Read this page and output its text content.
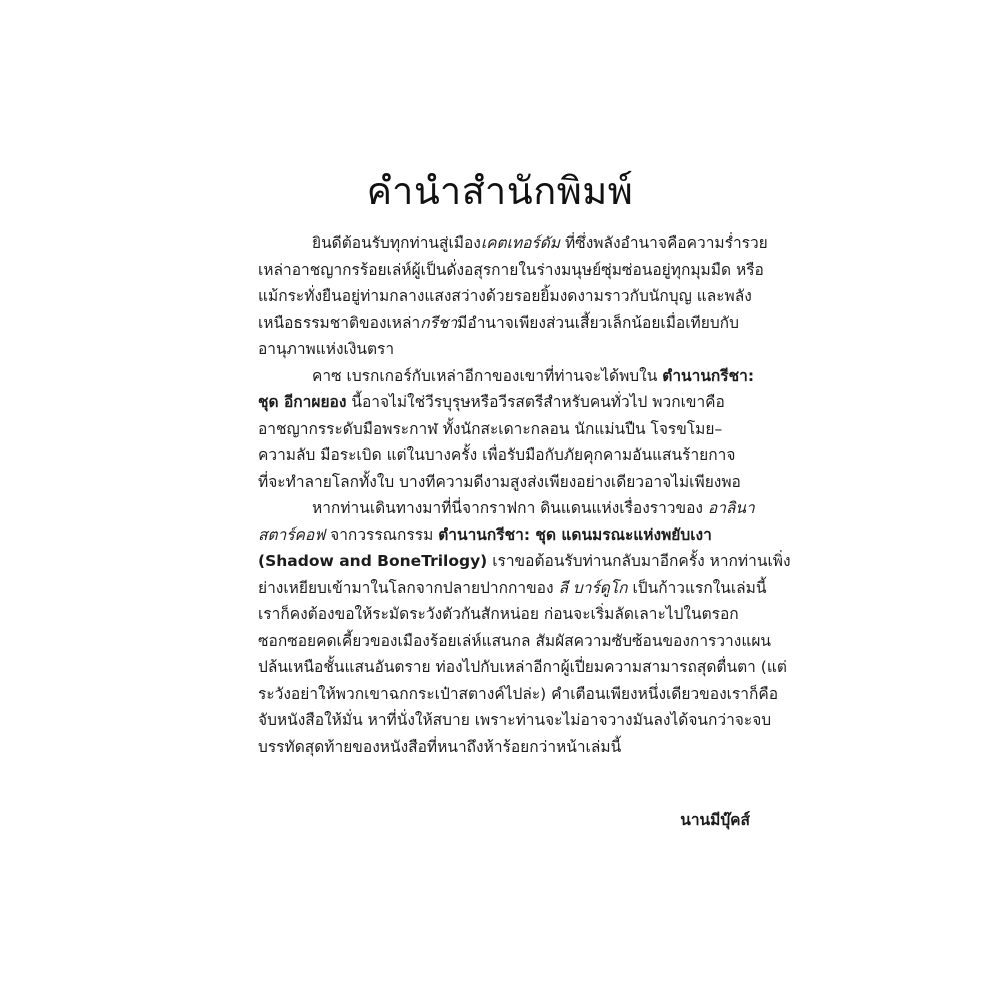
คำนำสำนักพิมพ์
ยินดีต้อนรับทุกท่านสู่เมืองเคตเทอร์ดัม ที่ซึ่งพลังอำนาจคือความร่ำรวย
เหล่าอาชญากรร้อยเล่ห์ผู้เป็นดั่งอสุรกายในร่างมนุษย์ซุ่มซ่อนอยู่ทุกมุมมืด หรือ
แม้กระทั่งยืนอยู่ท่ามกลางแสงสว่างด้วยรอยยิ้มงดงามราวกับนักบุญ และพลัง
เหนือธรรมชาติของเหล่ากรีชามีอำนาจเพียงส่วนเสี้ยวเล็กน้อยเมื่อเทียบกับ
อานุภาพแห่งเงินตรา
คาซ เบรกเกอร์กับเหล่าอีกาของเขาที่ท่านจะได้พบใน ตำนานกรีชา:
ชุด อีกาผยอง นี้อาจไม่ใช่วีรบุรุษหรือวีรสตรีสำหรับคนทั่วไป พวกเขาคือ
อาชญากรระดับมือพระกาฬ ทั้งนักสะเดาะกลอน นักแม่นปืน โจรขโมย–
ความลับ มือระเบิด แต่ในบางครั้ง เพื่อรับมือกับภัยคุกคามอันแสนร้ายกาจ
ที่จะทำลายโลกทั้งใบ บางทีความดีงามสูงส่งเพียงอย่างเดียวอาจไม่เพียงพอ
หากท่านเดินทางมาที่นี่จากราฟกา ดินแดนแห่งเรื่องราวของ อาลินา
สตาร์คอฟ จากวรรณกรรม ตำนานกรีชา: ชุด แดนมรณะแห่งพยับเงา
(Shadow and BoneTrilogy) เราขอต้อนรับท่านกลับมาอีกครั้ง หากท่านเพิ่ง
ย่างเหยียบเข้ามาในโลกจากปลายปากกาของ ลี บาร์ดูโก เป็นก้าวแรกในเล่มนี้
เราก็คงต้องขอให้ระมัดระวังตัวกันสักหน่อย ก่อนจะเริ่มลัดเลาะไปในตรอก
ซอกซอยคดเคี้ยวของเมืองร้อยเล่ห์แสนกล สัมผัสความซับซ้อนของการวางแผน
ปล้นเหนือชั้นแสนอันตราย ท่องไปกับเหล่าอีกาผู้เปี่ยมความสามารถสุดตื่นตา (แต่
ระวังอย่าให้พวกเขาฉกกระเป๋าสตางค์ไปล่ะ) คำเตือนเพียงหนึ่งเดียวของเราก็คือ
จับหนังสือให้มั่น หาที่นั่งให้สบาย เพราะท่านจะไม่อาจวางมันลงได้จนกว่าจะจบ
บรรทัดสุดท้ายของหนังสือที่หนาถึงห้าร้อยกว่าหน้าเล่มนี้
นานมีบุ๊คส์
